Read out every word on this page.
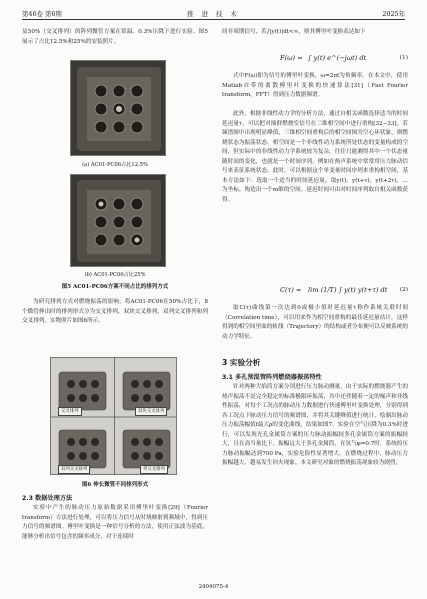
第46卷 第6期	推 进 技 术	2025年

及50%（交叉排列）的阵列微管方案在常温、0.3%压降下进行实验。图5展示了占比12.5%和25%的安装照片。

(a) AC01-PC06占比12.5%
(b) AC01-PC06占比25%
图5 AC01-PC06方案不同占比的排列方式

为研究排列方式对燃烧振荡的影响，将AC01-PC06在50%占比下，8个微管伸出时的排列形式分为交叉排列、双块交叉排列、双列交叉排列和列交叉排列，实物照片如图6所示。

交叉排列	双块交叉排列
双列交叉排列	列交叉排列
图6 伸长微管不同排列形式
2.3 数据处理方法

实验中产生的脉动压力原始数据采用傅里叶变换[29]（Fourier transform）方法进行处理，可以将压力信号从时域映射到频域中，得到压力信号的频谱图。傅里叶变换是一种信号分析的方法，使用正弦波为基底，能够分析出信号包含的频率成分，对于连续时

间非周期信号，若∫|y(t)|dt<∞，则其傅里叶变换表达如下

F(ω) = ∫ y(t) e^(−jωt) dt	(1)

式中F(ω)即为信号的傅里叶变换，ω=2πf为角频率。在本文中，使用Matlab自带的离散傅里叶变换的快速算法[31]（Fast Fourier transform，FFT）得到压力数据频谱。

此外，根据非线性动力学的分析方法，通过自相关函数选择适当的时间延迟量τ，可以把对撞群燃烧室信号在三维相空间中进行重构[32−33]。若频谱图中出现明显峰值，三维相空间重构后的相空间图为空心环状象，则燃烧状态为振荡状态。相空间是一个非线性动力系统所处状态的变量构成的空间，但实际中的非线性动力学系统较为复杂，往往只能测得其中一个状态量随时间的变化，也就是一个时间序列，例如在热声系统中常常用压力脉动信号来表征系统状态。此时，可以根据这个单变量时间序列来重构相空间，基本方法如下：选取一个适当的时间延迟量，取y(t)，y(t+τ)，y(t+2τ)，…为坐标，构造出一个m维的空间。延迟时间可由对时间序列取自相关函数获得。

C(τ) = lim (1/T) ∫ y(t) y(t+τ) dt (2)

取C(τ)曲线第一次达到0或极小值时延迟量τ称作系统关联时间（Correlation time），可以用来作为相空间重构的最佳延迟量估计。这样得到的相空间里面的轨线（Trajectory）的结构或者分布便可以反映系统的动力学特征。

3 实验分析
3.1 多孔预混管阵列燃烧器振荡特性

针对两种大焰筒方案分别进行压力脉动测量，由于实际的燃烧器产生的热声振荡不是完全稳定的标准极限环振荡，其中还伴随着一定的噪声和非线性振荡，对每个工况点的脉动压力数据进行快速傅里叶变换处理，分别得到各工况点下脉动压力信号的频谱图，并将其关键峰值进行统计，绘制出脉动压力振荡幅值f最大ρ的变化曲线，结果如图7。实验在空气压降为0.3%时进行，可以发现光孔金属筒方案的压力脉动振幅较多孔金属筒方案的振幅较大，且在高当量比下，振幅远大于多孔金属筒，在氢气φ=0.7时，系统的压力脉动振幅达到700 Pa，实验危险性显著增大。在燃烧过程中，脉动压力振幅越大，越易发生回火现象。本文研究对象的燃烧振荡现象较为剧烈，

2404075-4
